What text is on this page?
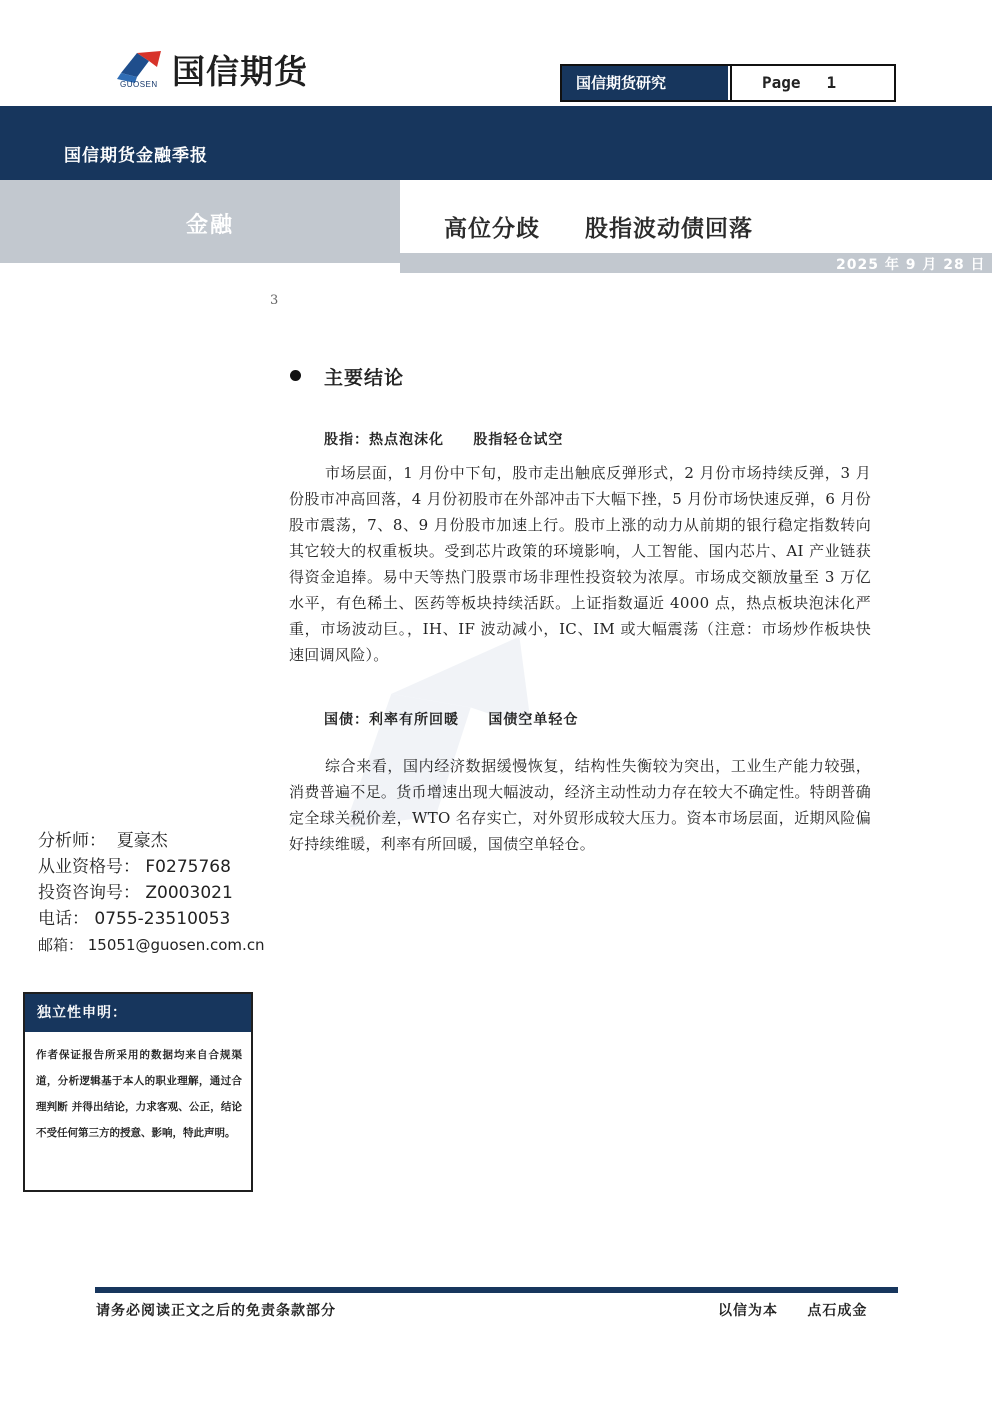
国信期货
GUOSEN	国信期货研究	Page 1
国信期货金融季报
金融	高位分歧     股指波动债回落
2025 年 9 月 28 日
3
主要结论
股指：热点泡沫化     股指轻仓试空
市场层面，1 月份中下旬，股市走出触底反弹形式，2 月份市场持续反弹，3 月份股市冲高回落，4 月份初股市在外部冲击下大幅下挫，5 月份市场快速反弹，6 月份股市震荡，7、8、9 月份股市加速上行。股市上涨的动力从前期的银行稳定指数转向其它较大的权重板块。受到芯片政策的环境影响，人工智能、国内芯片、AI 产业链获得资金追捧。易中天等热门股票市场非理性投资较为浓厚。市场成交额放量至 3 万亿水平，有色稀土、医药等板块持续活跃。上证指数逼近 4000 点，热点板块泡沫化严重，市场波动巨。，IH、IF 波动减小，IC、IM 或大幅震荡（注意：市场炒作板块快速回调风险）。
国债：利率有所回暖     国债空单轻仓
综合来看，国内经济数据缓慢恢复，结构性失衡较为突出，工业生产能力较强，消费普遍不足。货币增速出现大幅波动，经济主动性动力存在较大不确定性。特朗普确定全球关税价差，WTO 名存实亡，对外贸形成较大压力。资本市场层面，近期风险偏好持续维暖，利率有所回暖，国债空单轻仓。
分析师：  夏豪杰
从业资格号： F0275768
投资咨询号： Z0003021
电话： 0755-23510053
邮箱： 15051@guosen.com.cn
独立性申明：
作者保证报告所采用的数据均来自合规渠道，分析逻辑基于本人的职业理解，通过合理判断 并得出结论，力求客观、公正，结论不受任何第三方的授意、影响，特此声明。
请务必阅读正文之后的免责条款部分	以信为本     点石成金
